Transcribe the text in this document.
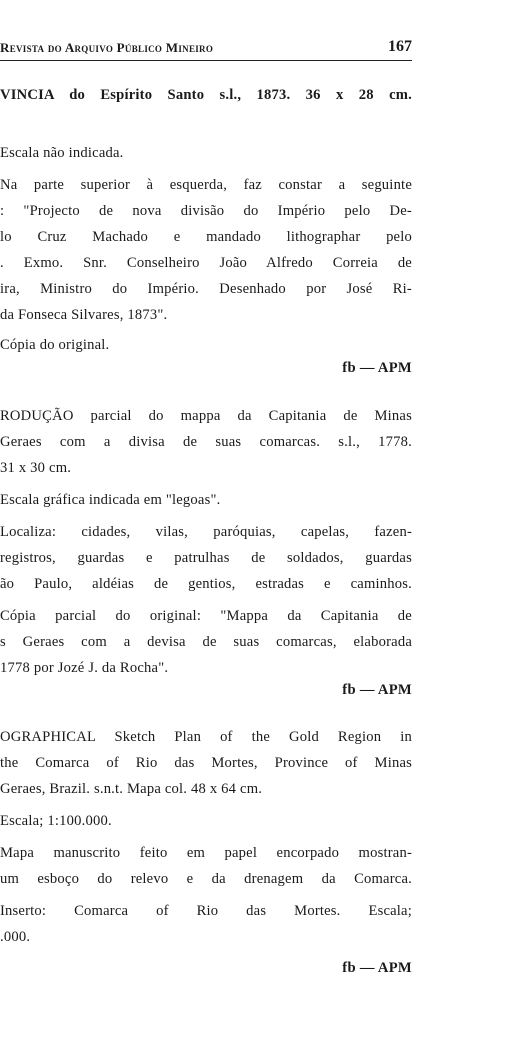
Revista do Arquivo Público Mineiro	167
VINCIA do Espírito Santo s.l., 1873. 36 x 28 cm.
Escala não indicada.
Na parte superior à esquerda, faz constar a seguinte
: "Projecto de nova divisão do Império pelo De-
lo Cruz Machado e mandado lithographar pelo
. Exmo. Snr. Conselheiro João Alfredo Correia de
ira, Ministro do Império. Desenhado por José Ri-
da Fonseca Silvares, 1873".
Cópia do original.
fb — APM
RODUÇÃO parcial do mappa da Capitania de Minas
Geraes com a divisa de suas comarcas. s.l., 1778.
31 x 30 cm.
Escala gráfica indicada em "legoas".
Localiza: cidades, vilas, paróquias, capelas, fazen-
registros, guardas e patrulhas de soldados, guardas
ão Paulo, aldéias de gentios, estradas e caminhos.
Cópia parcial do original: "Mappa da Capitania de
s Geraes com a devisa de suas comarcas, elaborada
1778 por Jozé J. da Rocha".
fb — APM
OGRAPHICAL Sketch Plan of the Gold Region in
the Comarca of Rio das Mortes, Province of Minas
Geraes, Brazil. s.n.t. Mapa col. 48 x 64 cm.
Escala; 1:100.000.
Mapa manuscrito feito em papel encorpado mostran-
um esboço do relevo e da drenagem da Comarca.
Inserto: Comarca of Rio das Mortes. Escala;
.000.
fb — APM
